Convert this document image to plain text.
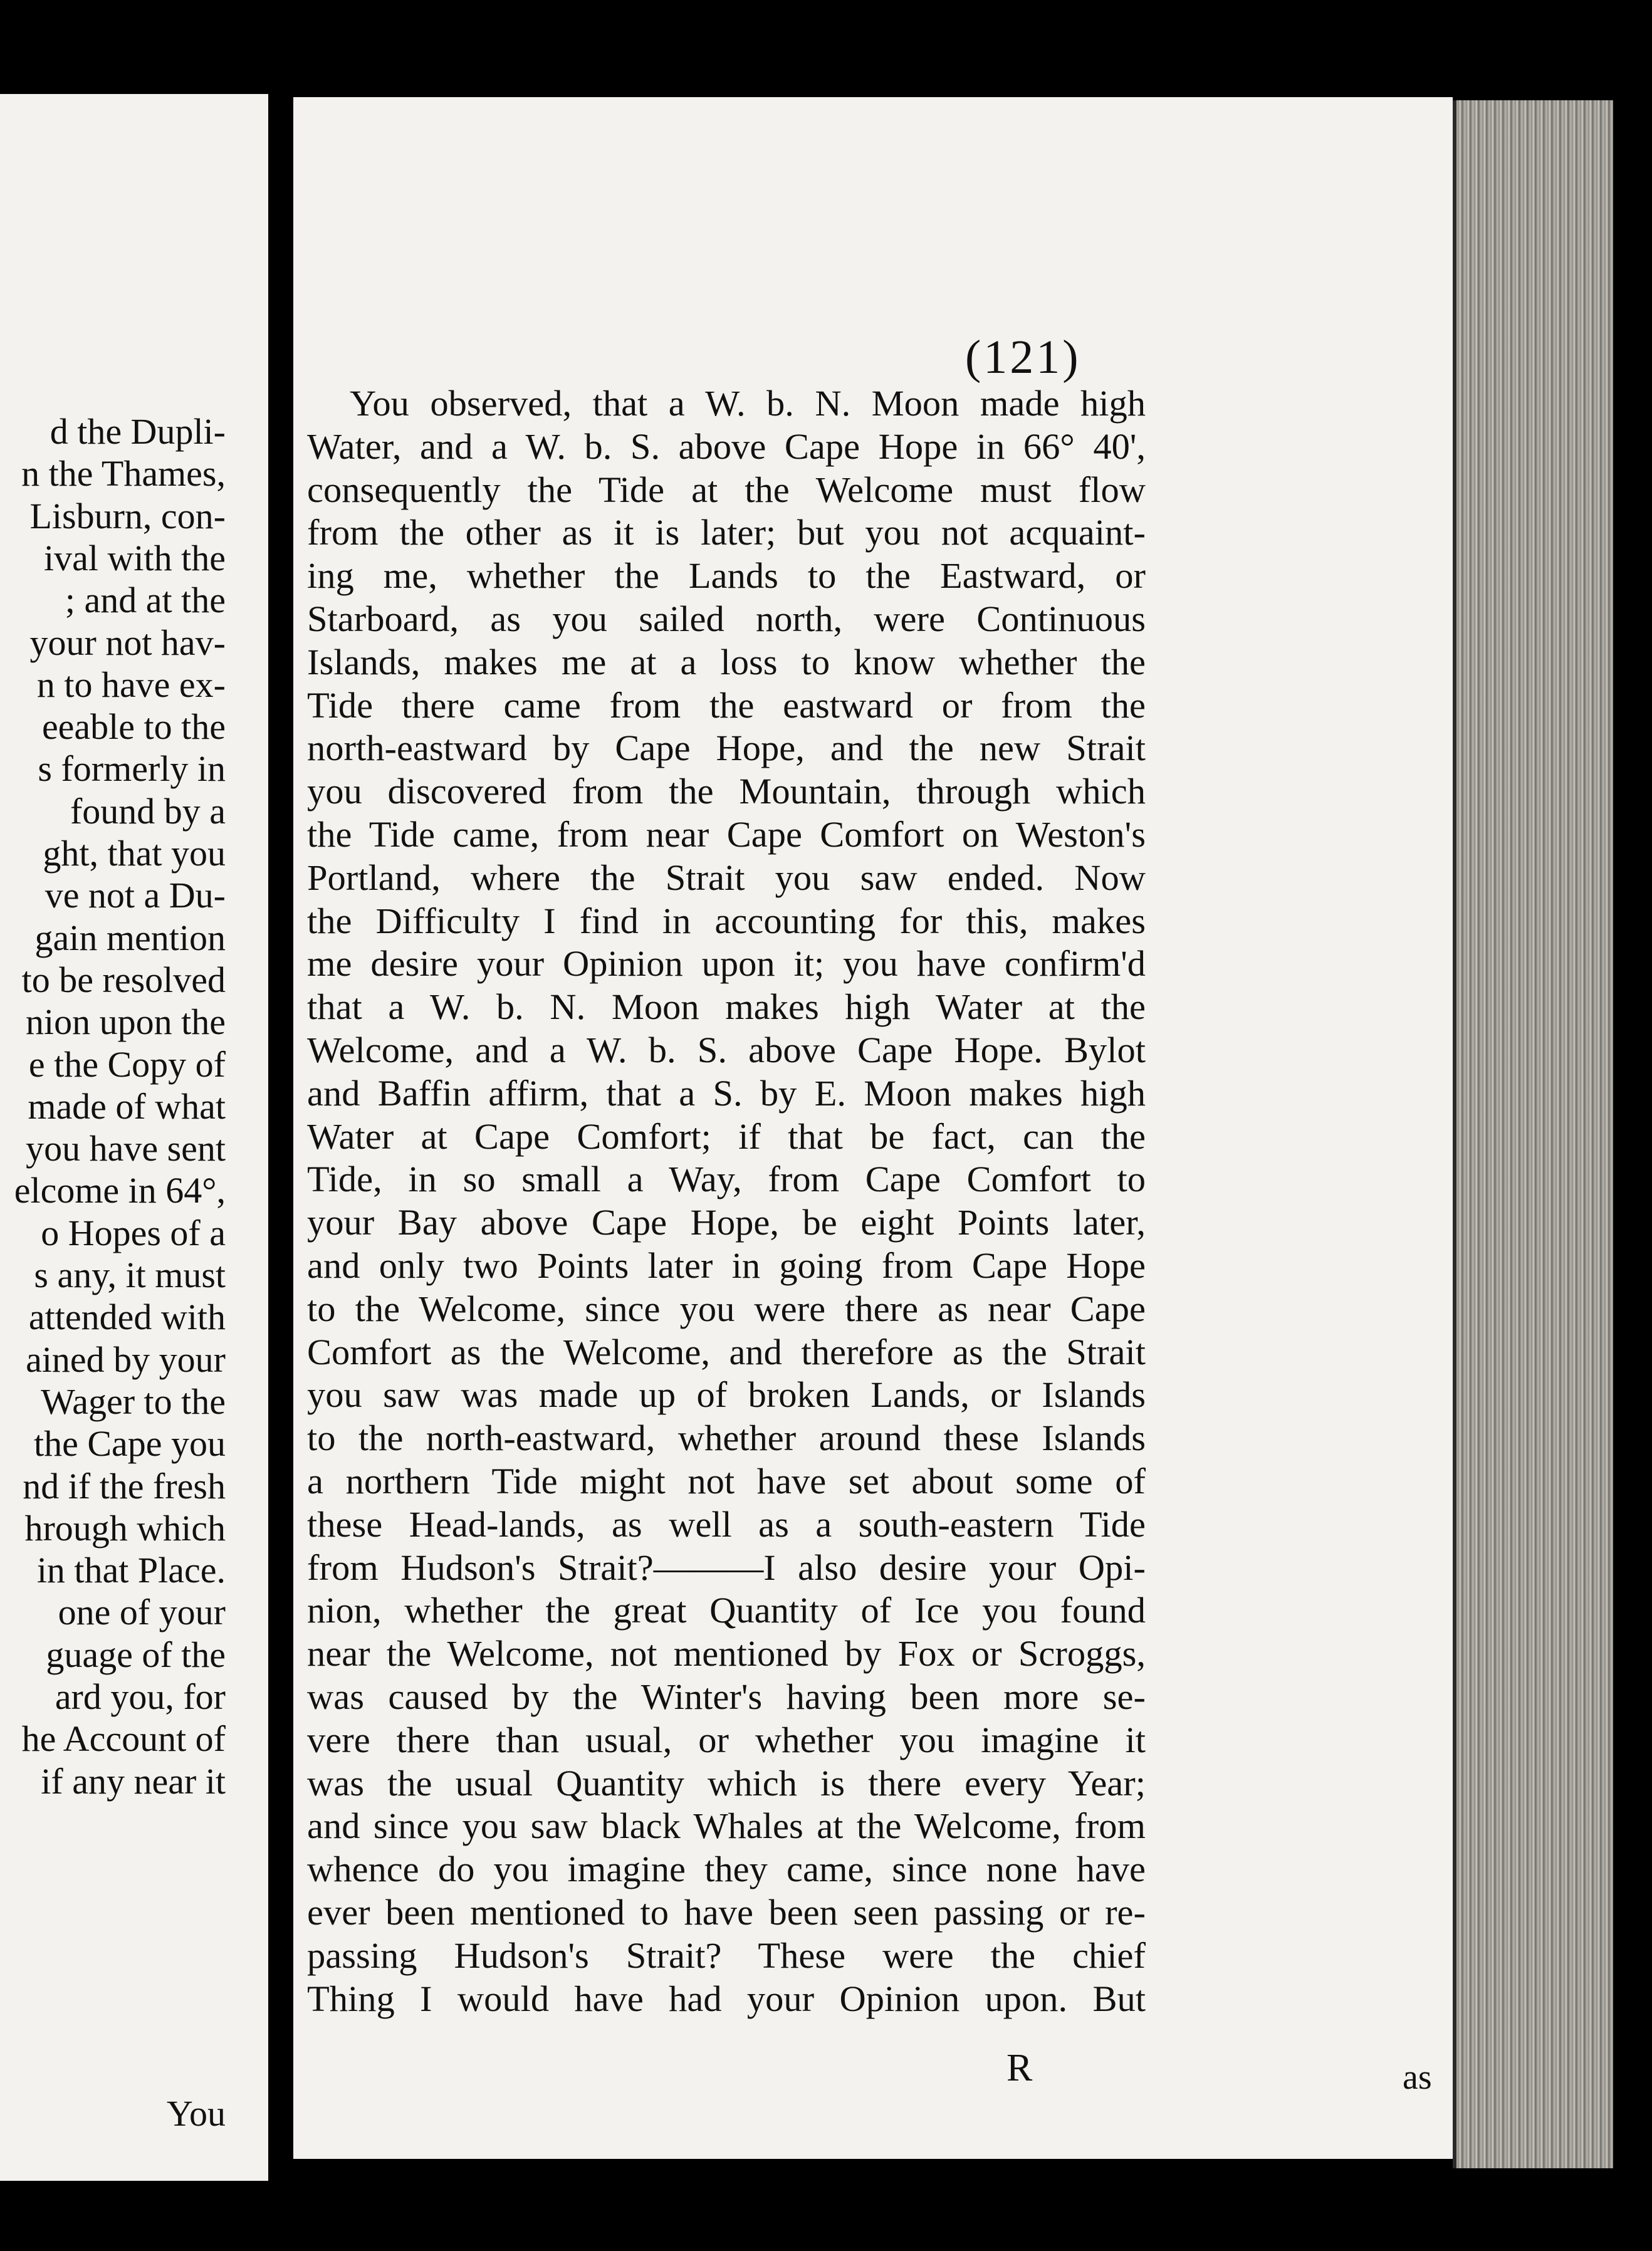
d the Dupli-
n the Thames,
Lisburn, con-
ival with the
; and at the
your not hav-
n to have ex-
eeable to the
s formerly in
found by a
ght, that you
ve not a Du-
gain mention
to be resolved
nion upon the
e the Copy of
made of what
you have sent
elcome in 64°,
o Hopes of a
s any, it must
attended with
ained by your
Wager to the
the Cape you
nd if the fresh
hrough which
in that Place.
one of your
guage of the
ard you, for
he Account of
if any near it
You
(121)
You observed, that a W. b. N. Moon made high
Water, and a W. b. S. above Cape Hope in 66° 40',
consequently the Tide at the Welcome must flow
from the other as it is later; but you not acquaint-
ing me, whether the Lands to the Eastward, or
Starboard, as you sailed north, were Continuous
Islands, makes me at a loss to know whether the
Tide there came from the eastward or from the
north-eastward by Cape Hope, and the new Strait
you discovered from the Mountain, through which
the Tide came, from near Cape Comfort on Weston's
Portland, where the Strait you saw ended. Now
the Difficulty I find in accounting for this, makes
me desire your Opinion upon it; you have confirm'd
that a W. b. N. Moon makes high Water at the
Welcome, and a W. b. S. above Cape Hope. Bylot
and Baffin affirm, that a S. by E. Moon makes high
Water at Cape Comfort; if that be fact, can the
Tide, in so small a Way, from Cape Comfort to
your Bay above Cape Hope, be eight Points later,
and only two Points later in going from Cape Hope
to the Welcome, since you were there as near Cape
Comfort as the Welcome, and therefore as the Strait
you saw was made up of broken Lands, or Islands
to the north-eastward, whether around these Islands
a northern Tide might not have set about some of
these Head-lands, as well as a south-eastern Tide
from Hudson's Strait?———I also desire your Opi-
nion, whether the great Quantity of Ice you found
near the Welcome, not mentioned by Fox or Scroggs,
was caused by the Winter's having been more se-
vere there than usual, or whether you imagine it
was the usual Quantity which is there every Year;
and since you saw black Whales at the Welcome, from
whence do you imagine they came, since none have
ever been mentioned to have been seen passing or re-
passing Hudson's Strait? These were the chief
Thing I would have had your Opinion upon. But
R	as
